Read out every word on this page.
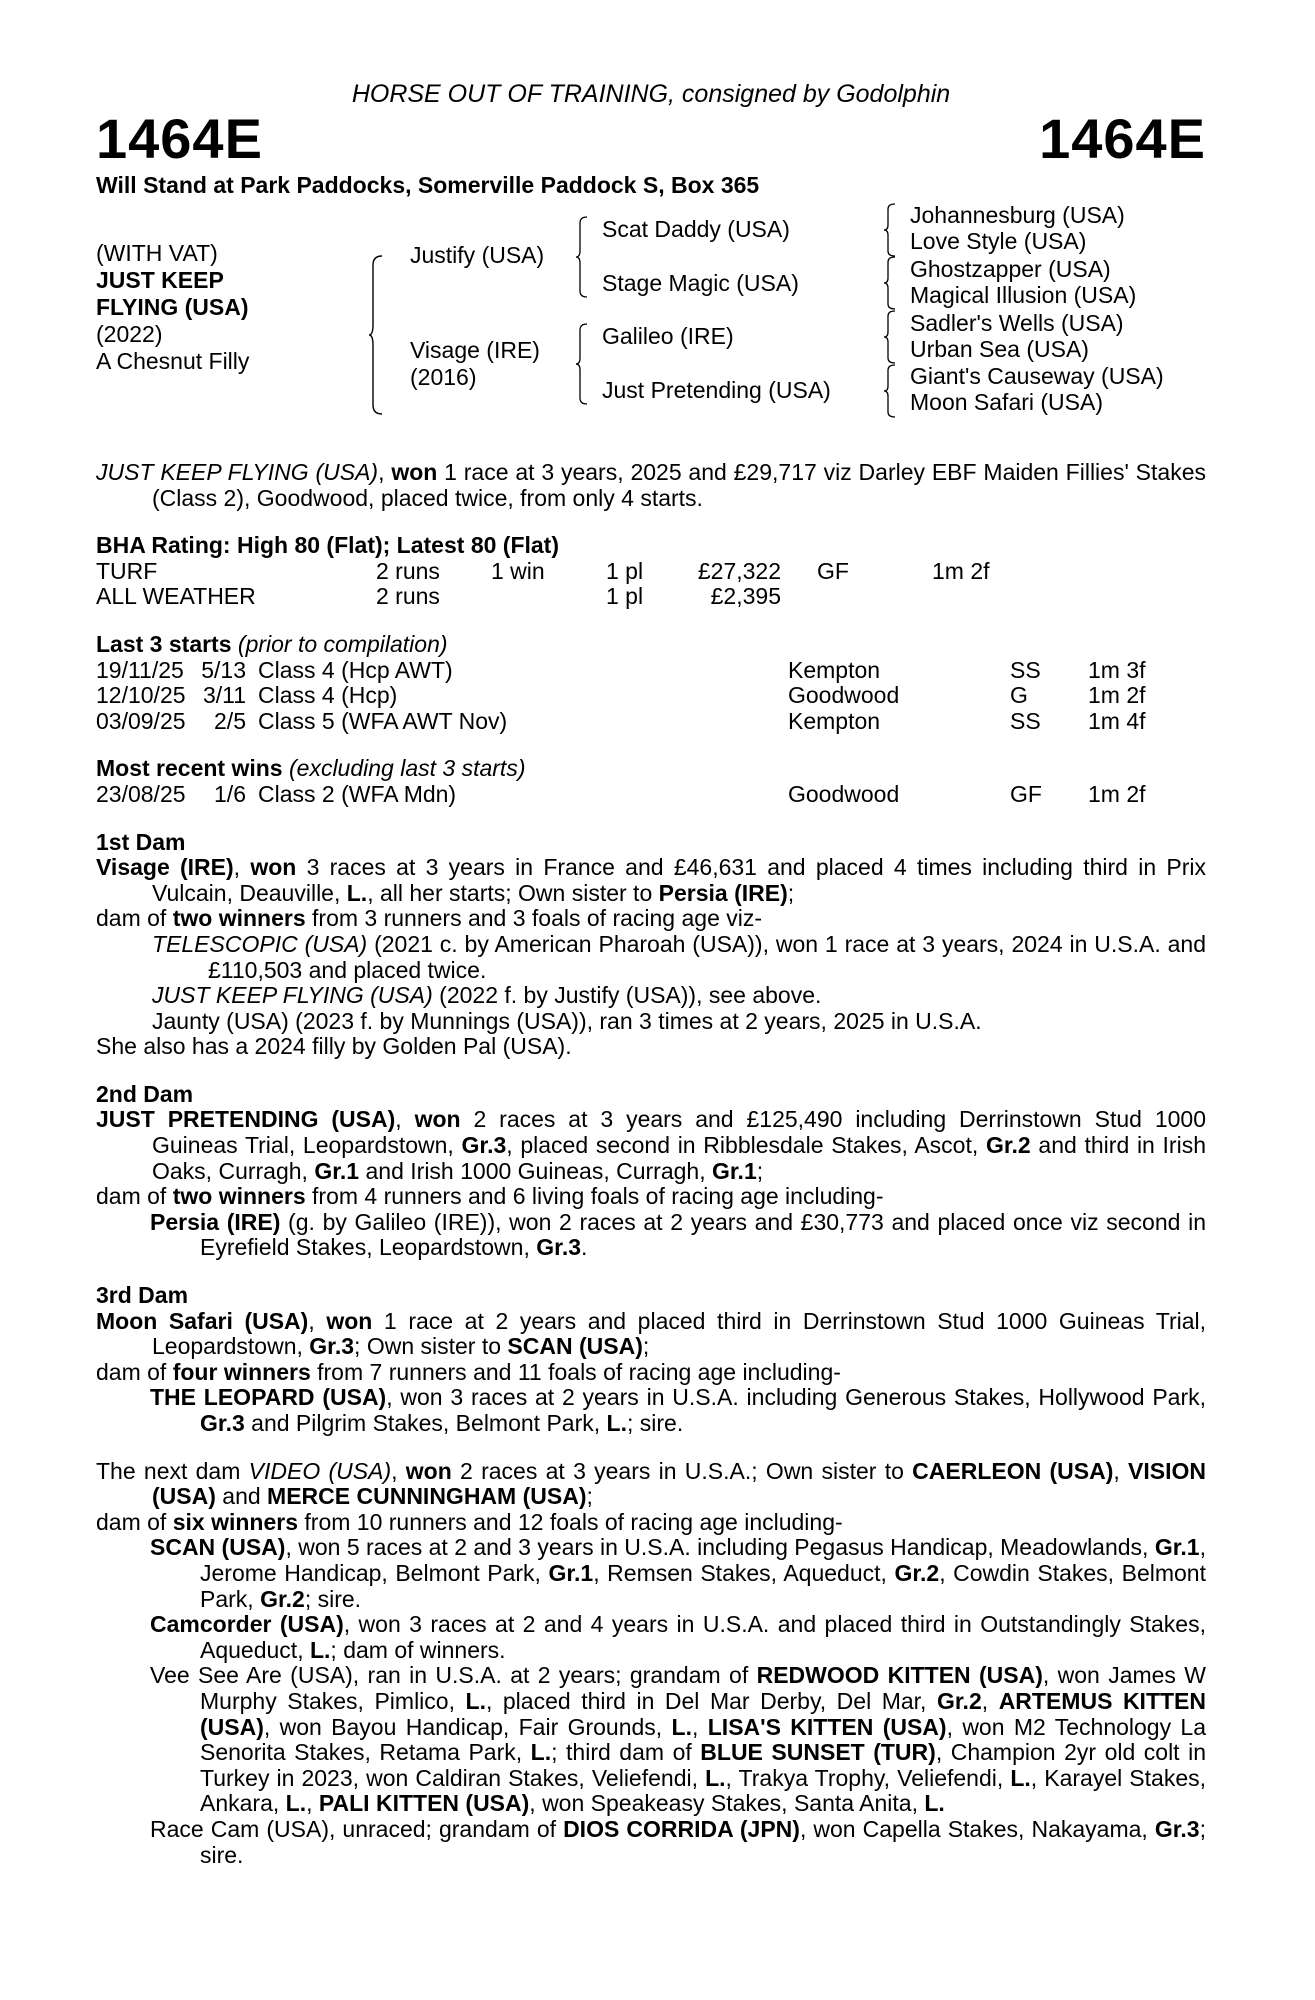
HORSE OUT OF TRAINING, consigned by Godolphin
1464E	1464E
Will Stand at Park Paddocks, Somerville Paddock S, Box 365
(WITH VAT)
JUST KEEP
FLYING (USA)
(2022)
A Chesnut Filly
Justify (USA)
Visage (IRE)
(2016)
Scat Daddy (USA)
Stage Magic (USA)
Galileo (IRE)
Just Pretending (USA)
Johannesburg (USA)
Love Style (USA)
Ghostzapper (USA)
Magical Illusion (USA)
Sadler's Wells (USA)
Urban Sea (USA)
Giant's Causeway (USA)
Moon Safari (USA)

JUST KEEP FLYING (USA), won 1 race at 3 years, 2025 and £29,717 viz Darley EBF Maiden Fillies' Stakes (Class 2), Goodwood, placed twice, from only 4 starts.

BHA Rating: High 80 (Flat); Latest 80 (Flat)
TURF	2 runs	1 win	1 pl	£27,322	GF	1m 2f
ALL WEATHER	2 runs		1 pl	£2,395		
Last 3 starts (prior to compilation)
19/11/25	5/13	Class 4 (Hcp AWT)	Kempton	SS	1m 3f
12/10/25	3/11	Class 4 (Hcp)	Goodwood	G	1m 2f
03/09/25	2/5	Class 5 (WFA AWT Nov)	Kempton	SS	1m 4f
Most recent wins (excluding last 3 starts)
23/08/25	1/6	Class 2 (WFA Mdn)	Goodwood	GF	1m 2f
1st Dam

Visage (IRE), won 3 races at 3 years in France and £46,631 and placed 4 times including third in Prix Vulcain, Deauville, L., all her starts; Own sister to Persia (IRE);

dam of two winners from 3 runners and 3 foals of racing age viz-

TELESCOPIC (USA) (2021 c. by American Pharoah (USA)), won 1 race at 3 years, 2024 in U.S.A. and £110,503 and placed twice.

JUST KEEP FLYING (USA) (2022 f. by Justify (USA)), see above.

Jaunty (USA) (2023 f. by Munnings (USA)), ran 3 times at 2 years, 2025 in U.S.A.

She also has a 2024 filly by Golden Pal (USA).

2nd Dam

JUST PRETENDING (USA), won 2 races at 3 years and £125,490 including Derrinstown Stud 1000 Guineas Trial, Leopardstown, Gr.3, placed second in Ribblesdale Stakes, Ascot, Gr.2 and third in Irish Oaks, Curragh, Gr.1 and Irish 1000 Guineas, Curragh, Gr.1;

dam of two winners from 4 runners and 6 living foals of racing age including-

Persia (IRE) (g. by Galileo (IRE)), won 2 races at 2 years and £30,773 and placed once viz second in Eyrefield Stakes, Leopardstown, Gr.3.

3rd Dam

Moon Safari (USA), won 1 race at 2 years and placed third in Derrinstown Stud 1000 Guineas Trial, Leopardstown, Gr.3; Own sister to SCAN (USA);

dam of four winners from 7 runners and 11 foals of racing age including-

THE LEOPARD (USA), won 3 races at 2 years in U.S.A. including Generous Stakes, Hollywood Park, Gr.3 and Pilgrim Stakes, Belmont Park, L.; sire.

The next dam VIDEO (USA), won 2 races at 3 years in U.S.A.; Own sister to CAERLEON (USA), VISION (USA) and MERCE CUNNINGHAM (USA);

dam of six winners from 10 runners and 12 foals of racing age including-

SCAN (USA), won 5 races at 2 and 3 years in U.S.A. including Pegasus Handicap, Meadowlands, Gr.1, Jerome Handicap, Belmont Park, Gr.1, Remsen Stakes, Aqueduct, Gr.2, Cowdin Stakes, Belmont Park, Gr.2; sire.

Camcorder (USA), won 3 races at 2 and 4 years in U.S.A. and placed third in Outstandingly Stakes, Aqueduct, L.; dam of winners.

Vee See Are (USA), ran in U.S.A. at 2 years; grandam of REDWOOD KITTEN (USA), won James W Murphy Stakes, Pimlico, L., placed third in Del Mar Derby, Del Mar, Gr.2, ARTEMUS KITTEN (USA), won Bayou Handicap, Fair Grounds, L., LISA'S KITTEN (USA), won M2 Technology La Senorita Stakes, Retama Park, L.; third dam of BLUE SUNSET (TUR), Champion 2yr old colt in Turkey in 2023, won Caldiran Stakes, Veliefendi, L., Trakya Trophy, Veliefendi, L., Karayel Stakes, Ankara, L., PALI KITTEN (USA), won Speakeasy Stakes, Santa Anita, L.

Race Cam (USA), unraced; grandam of DIOS CORRIDA (JPN), won Capella Stakes, Nakayama, Gr.3; sire.
